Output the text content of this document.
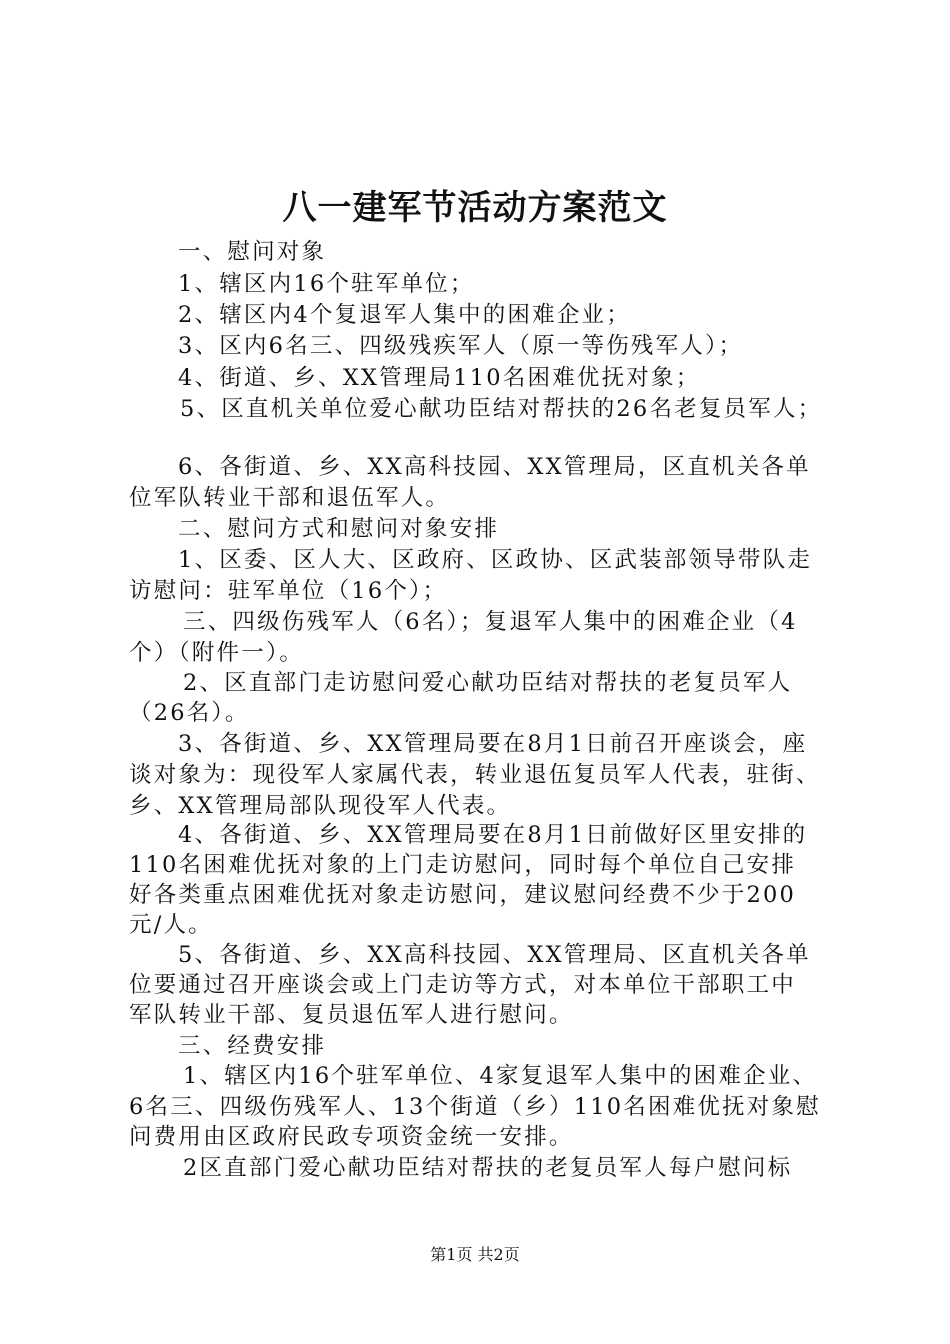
八一建军节活动方案范文
一、慰问对象
1、辖区内16个驻军单位；
2、辖区内4个复退军人集中的困难企业；
3、区内6名三、四级残疾军人（原一等伤残军人）；
4、街道、乡、XX管理局110名困难优抚对象；
5、区直机关单位爱心献功臣结对帮扶的26名老复员军人；
6、各街道、乡、XX高科技园、XX管理局，区直机关各单
位军队转业干部和退伍军人。
二、慰问方式和慰问对象安排
1、区委、区人大、区政府、区政协、区武装部领导带队走
访慰问：驻军单位（16个）；
三、四级伤残军人（6名）；复退军人集中的困难企业（4
个）（附件一）。
2、区直部门走访慰问爱心献功臣结对帮扶的老复员军人
（26名）。
3、各街道、乡、XX管理局要在8月1日前召开座谈会，座
谈对象为：现役军人家属代表，转业退伍复员军人代表，驻街、
乡、XX管理局部队现役军人代表。
4、各街道、乡、XX管理局要在8月1日前做好区里安排的
110名困难优抚对象的上门走访慰问，同时每个单位自己安排
好各类重点困难优抚对象走访慰问，建议慰问经费不少于200
元/人。
5、各街道、乡、XX高科技园、XX管理局、区直机关各单
位要通过召开座谈会或上门走访等方式，对本单位干部职工中
军队转业干部、复员退伍军人进行慰问。
三、经费安排
1、辖区内16个驻军单位、4家复退军人集中的困难企业、
6名三、四级伤残军人、13个街道（乡）110名困难优抚对象慰
问费用由区政府民政专项资金统一安排。
2区直部门爱心献功臣结对帮扶的老复员军人每户慰问标
第1页 共2页
